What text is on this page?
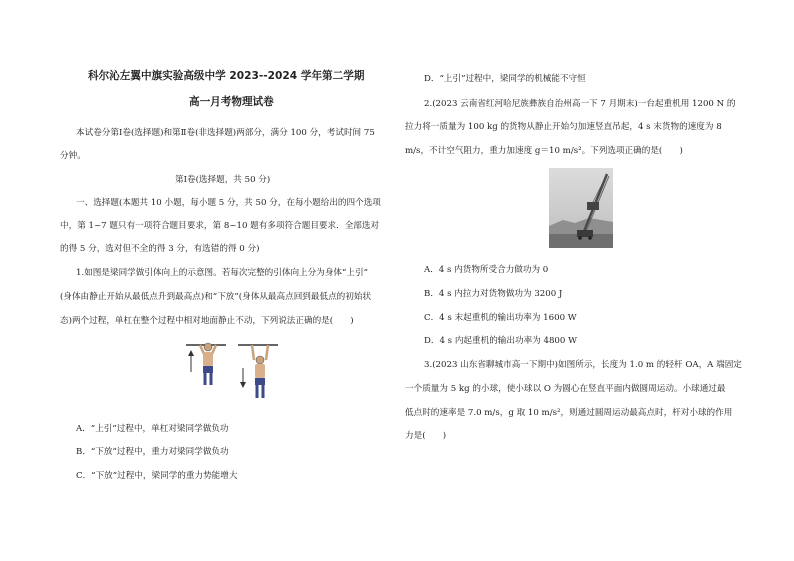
科尔沁左翼中旗实验高级中学 2023--2024 学年第二学期
高一月考物理试卷
本试卷分第Ⅰ卷(选择题)和第Ⅱ卷(非选择题)两部分，满分 100 分，考试时间 75
分钟。
第Ⅰ卷(选择题，共 50 分)
一、选择题(本题共 10 小题，每小题 5 分，共 50 分，在每小题给出的四个选项
中，第 1~7 题只有一项符合题目要求，第 8~10 题有多项符合题目要求．全部选对
的得 5 分，选对但不全的得 3 分，有选错的得 0 分)
1.如图是梁同学做引体向上的示意图。若每次完整的引体向上分为身体“上引”
(身体由静止开始从最低点升到最高点)和“下放”(身体从最高点回到最低点的初始状
态)两个过程，单杠在整个过程中相对地面静止不动，下列说法正确的是(　　)
A．“上引”过程中，单杠对梁同学做负功
B．“下放”过程中，重力对梁同学做负功
C．“下放”过程中，梁同学的重力势能增大
D．“上引”过程中，梁同学的机械能不守恒
2.(2023 云南省红河哈尼族彝族自治州高一下 7 月期末)一台起重机用 1200 N 的
拉力将一质量为 100 kg 的货物从静止开始匀加速竖直吊起，4 s 末货物的速度为 8
m/s，不计空气阻力，重力加速度 g＝10 m/s²。下列选项正确的是(　　)
A．4 s 内货物所受合力做功为 0
B．4 s 内拉力对货物做功为 3200 J
C．4 s 末起重机的输出功率为 1600 W
D．4 s 内起重机的输出功率为 4800 W
3.(2023 山东省聊城市高一下期中)如图所示，长度为 1.0 m 的轻杆 OA，A 端固定
一个质量为 5 kg 的小球，使小球以 O 为圆心在竖直平面内做圆周运动。小球通过最
低点时的速率是 7.0 m/s，g 取 10 m/s²，则通过圆周运动最高点时，杆对小球的作用
力是(　　)
